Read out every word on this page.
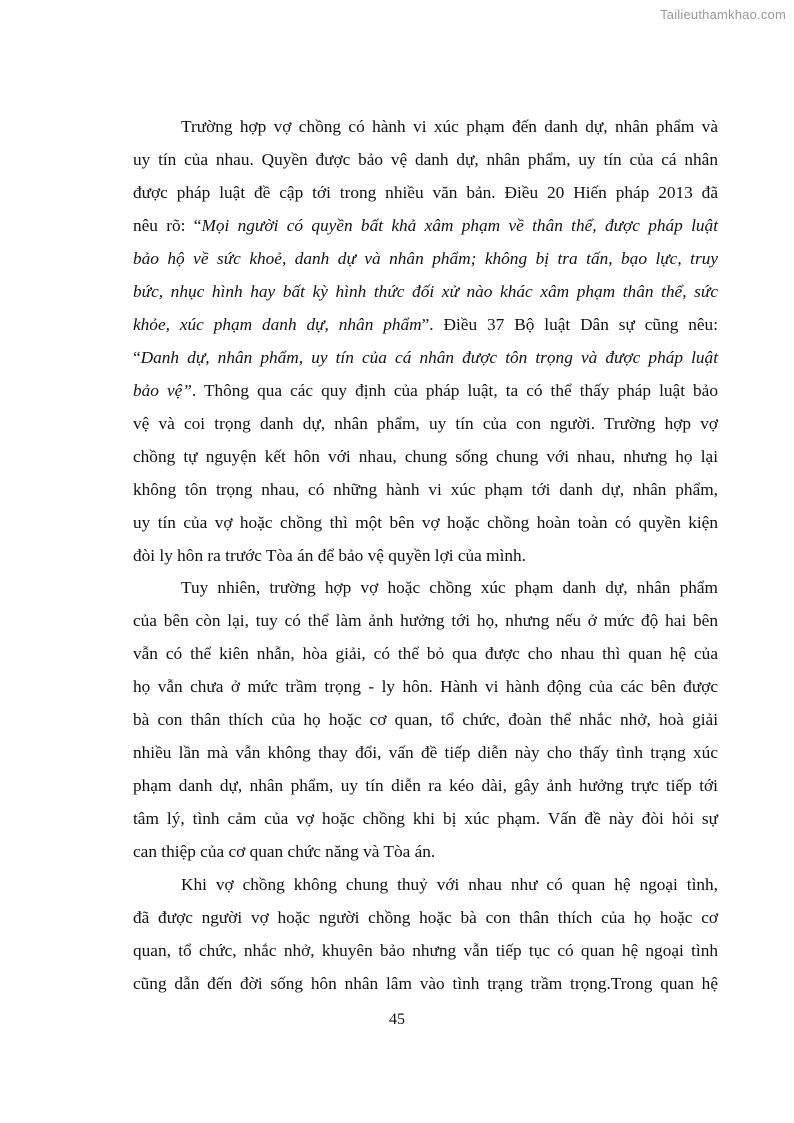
Tailieuthamkhao.com
Trường hợp vợ chồng có hành vi xúc phạm đến danh dự, nhân phẩm và
uy tín của nhau. Quyền được bảo vệ danh dự, nhân phẩm, uy tín của cá nhân
được pháp luật đề cập tới trong nhiều văn bản. Điều 20 Hiến pháp 2013 đã
nêu rõ: “Mọi người có quyền bất khả xâm phạm về thân thể, được pháp luật
bảo hộ về sức khoẻ, danh dự và nhân phẩm; không bị tra tấn, bạo lực, truy
bức, nhục hình hay bất kỳ hình thức đối xử nào khác xâm phạm thân thể, sức
khỏe, xúc phạm danh dự, nhân phẩm”. Điều 37 Bộ luật Dân sự cũng nêu:
“Danh dự, nhân phẩm, uy tín của cá nhân được tôn trọng và được pháp luật
bảo vệ”. Thông qua các quy định của pháp luật, ta có thể thấy pháp luật bảo
vệ và coi trọng danh dự, nhân phẩm, uy tín của con người. Trường hợp vợ
chồng tự nguyện kết hôn với nhau, chung sống chung với nhau, nhưng họ lại
không tôn trọng nhau, có những hành vi xúc phạm tới danh dự, nhân phẩm,
uy tín của vợ hoặc chồng thì một bên vợ hoặc chồng hoàn toàn có quyền kiện
đòi ly hôn ra trước Tòa án để bảo vệ quyền lợi của mình.
Tuy nhiên, trường hợp vợ hoặc chồng xúc phạm danh dự, nhân phẩm
của bên còn lại, tuy có thể làm ảnh hưởng tới họ, nhưng nếu ở mức độ hai bên
vẫn có thể kiên nhẫn, hòa giải, có thể bỏ qua được cho nhau thì quan hệ của
họ vẫn chưa ở mức trầm trọng - ly hôn. Hành vi hành động của các bên được
bà con thân thích của họ hoặc cơ quan, tổ chức, đoàn thể nhắc nhở, hoà giải
nhiều lần mà vẫn không thay đổi, vấn đề tiếp diễn này cho thấy tình trạng xúc
phạm danh dự, nhân phẩm, uy tín diễn ra kéo dài, gây ảnh hưởng trực tiếp tới
tâm lý, tình cảm của vợ hoặc chồng khi bị xúc phạm. Vấn đề này đòi hỏi sự
can thiệp của cơ quan chức năng và Tòa án.
Khi vợ chồng không chung thuỷ với nhau như có quan hệ ngoại tình,
đã được người vợ hoặc người chồng hoặc bà con thân thích của họ hoặc cơ
quan, tổ chức, nhắc nhở, khuyên bảo nhưng vẫn tiếp tục có quan hệ ngoại tình
cũng dẫn đến đời sống hôn nhân lâm vào tình trạng trầm trọng.Trong quan hệ
45
